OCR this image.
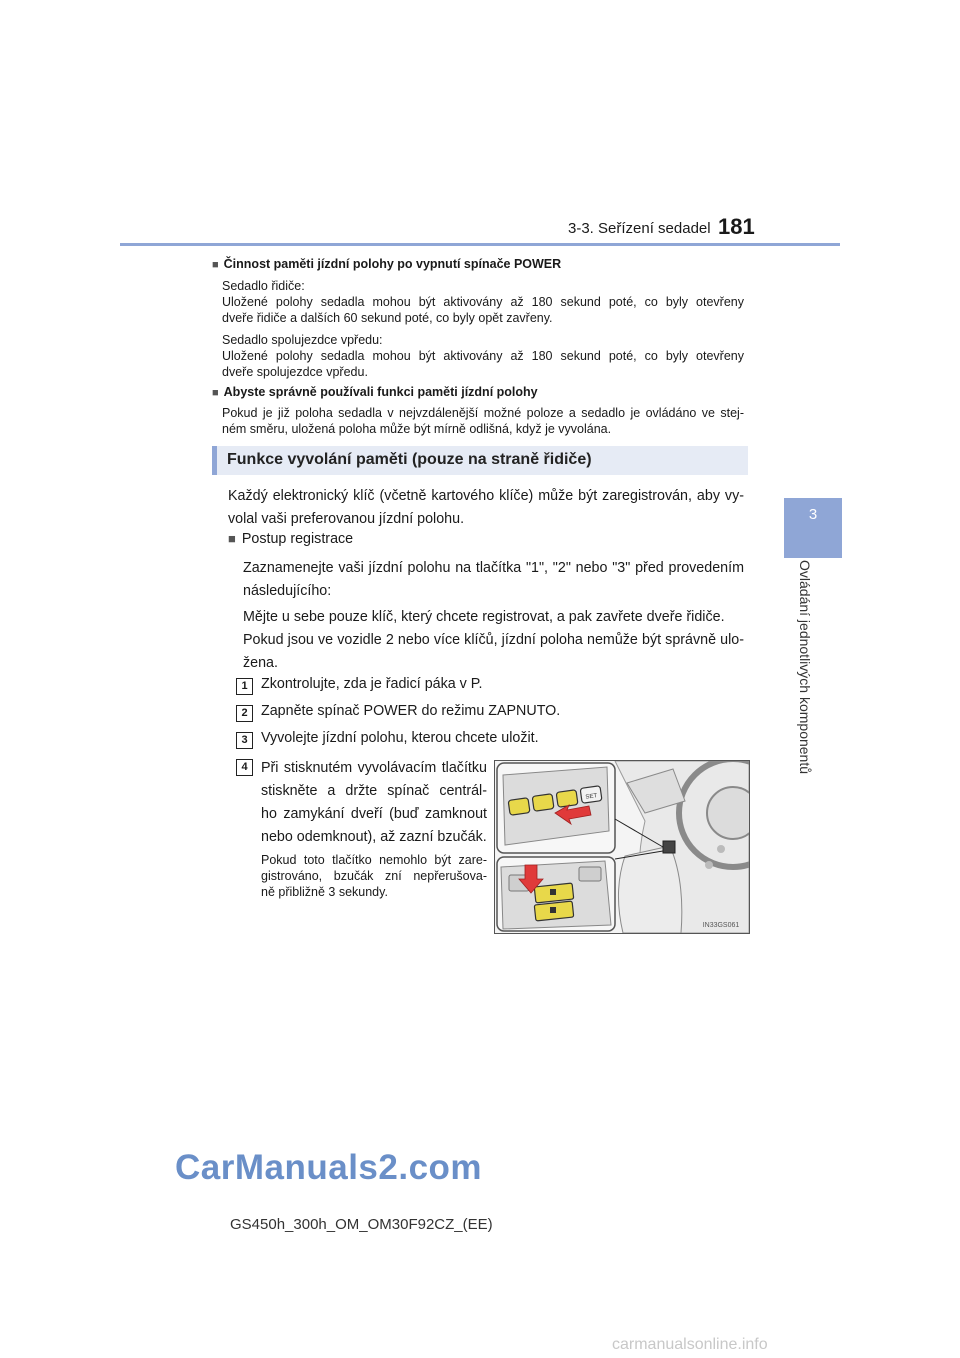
3-3. Seřízení sedadel 181
3
Ovládání jednotlivých komponentů
■ Činnost paměti jízdní polohy po vypnutí spínače POWER
Sedadlo řidiče:
Uložené polohy sedadla mohou být aktivovány až 180 sekund poté, co byly otevřeny
dveře řidiče a dalších 60 sekund poté, co byly opět zavřeny.
Sedadlo spolujezdce vpředu:
Uložené polohy sedadla mohou být aktivovány až 180 sekund poté, co byly otevřeny
dveře spolujezdce vpředu.
■ Abyste správně používali funkci paměti jízdní polohy
Pokud je již poloha sedadla v nejvzdálenější možné poloze a sedadlo je ovládáno ve stej-
ném směru, uložená poloha může být mírně odlišná, když je vyvolána.
Funkce vyvolání paměti (pouze na straně řidiče)
Každý elektronický klíč (včetně kartového klíče) může být zaregistrován, aby vy-
volal vaši preferovanou jízdní polohu.
■ Postup registrace
Zaznamenejte vaši jízdní polohu na tlačítka "1", "2" nebo "3" před provedením
následujícího:
Mějte u sebe pouze klíč, který chcete registrovat, a pak zavřete dveře řidiče.
Pokud jsou ve vozidle 2 nebo více klíčů, jízdní poloha nemůže být správně ulo-
žena.
1 Zkontrolujte, zda je řadicí páka v P.
2 Zapněte spínač POWER do režimu ZAPNUTO.
3 Vyvolejte jízdní polohu, kterou chcete uložit.
4 Při stisknutém vyvolávacím tlačítku
stiskněte a držte spínač centrál-
ho zamykání dveří (buď zamknout
nebo odemknout), až zazní bzučák.
Pokud toto tlačítko nemohlo být zare-
gistrováno, bzučák zní nepřerušova-
ně přibližně 3 sekundy.
SET
IN33GS061
CarManuals2.com
GS450h_300h_OM_OM30F92CZ_(EE)
carmanualsonline.info
